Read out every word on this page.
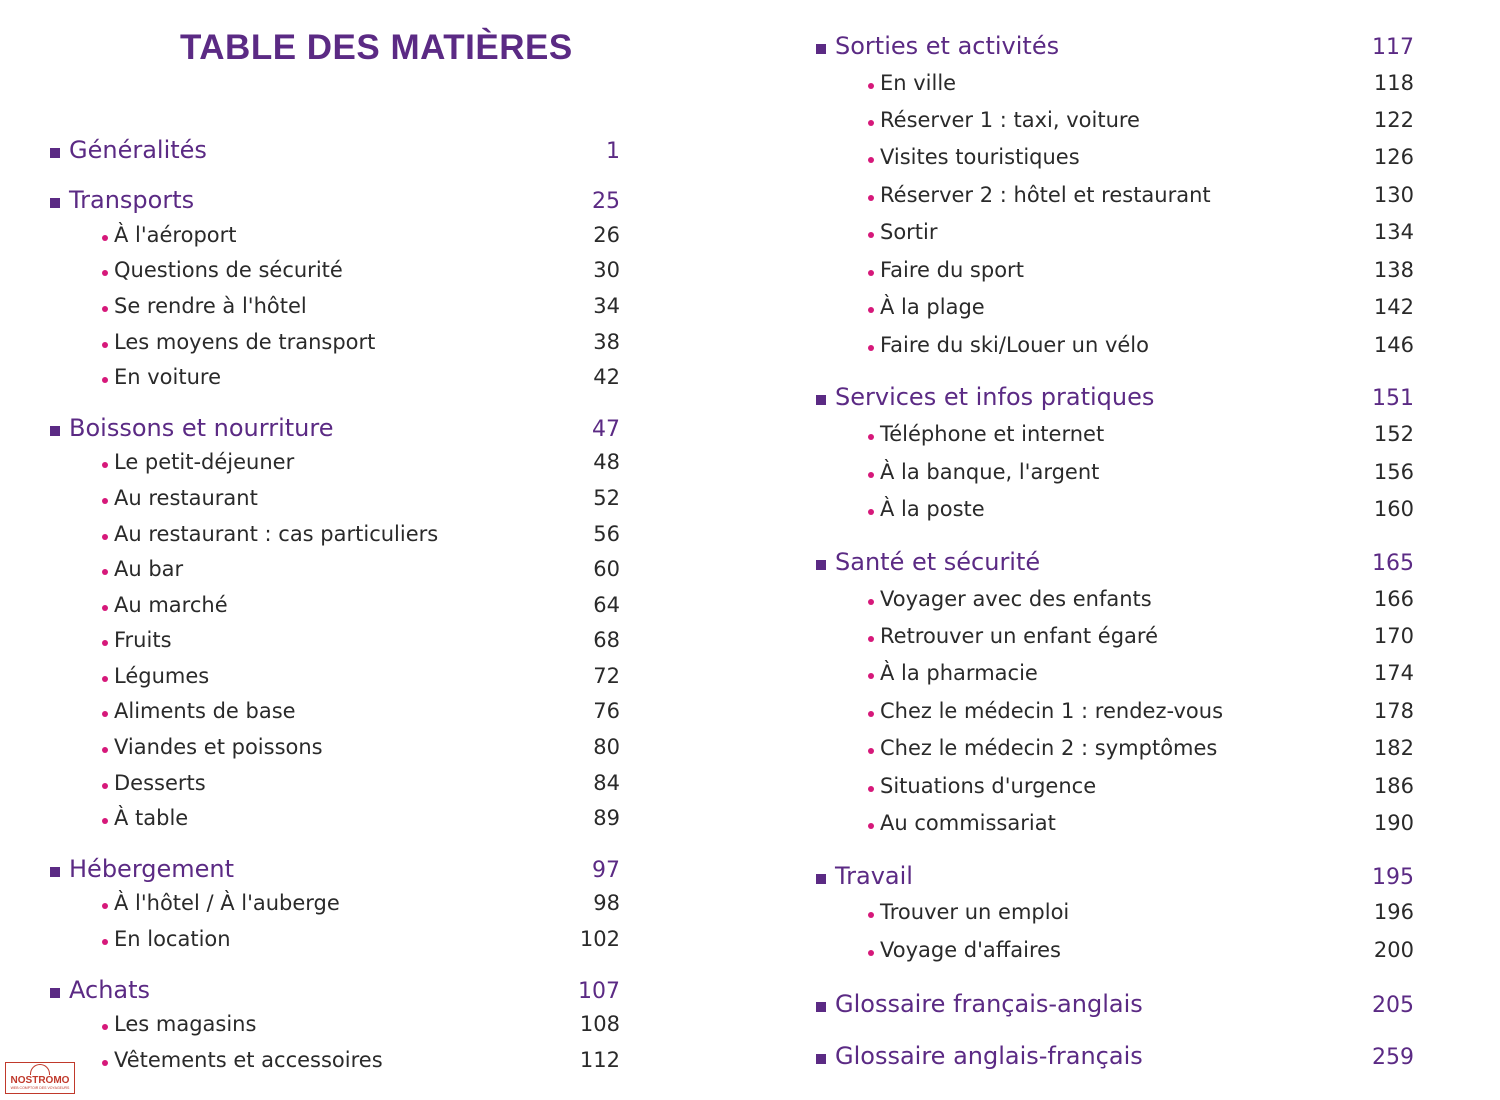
TABLE DES MATIÈRES
Généralités	1
Transports	25
À l'aéroport	26
Questions de sécurité	30
Se rendre à l'hôtel	34
Les moyens de transport	38
En voiture	42
Boissons et nourriture	47
Le petit-déjeuner	48
Au restaurant	52
Au restaurant : cas particuliers	56
Au bar	60
Au marché	64
Fruits	68
Légumes	72
Aliments de base	76
Viandes et poissons	80
Desserts	84
À table	89
Hébergement	97
À l'hôtel / À l'auberge	98
En location	102
Achats	107
Les magasins	108
Vêtements et accessoires	112
Sorties et activités	117
En ville	118
Réserver 1 : taxi, voiture	122
Visites touristiques	126
Réserver 2 : hôtel et restaurant	130
Sortir	134
Faire du sport	138
À la plage	142
Faire du ski/Louer un vélo	146
Services et infos pratiques	151
Téléphone et internet	152
À la banque, l'argent	156
À la poste	160
Santé et sécurité	165
Voyager avec des enfants	166
Retrouver un enfant égaré	170
À la pharmacie	174
Chez le médecin 1 : rendez-vous	178
Chez le médecin 2 : symptômes	182
Situations d'urgence	186
Au commissariat	190
Travail	195
Trouver un emploi	196
Voyage d'affaires	200
Glossaire français-anglais	205
Glossaire anglais-français	259
NOSTROMO
WEB COMPTOIR DES VOYAGEURS
